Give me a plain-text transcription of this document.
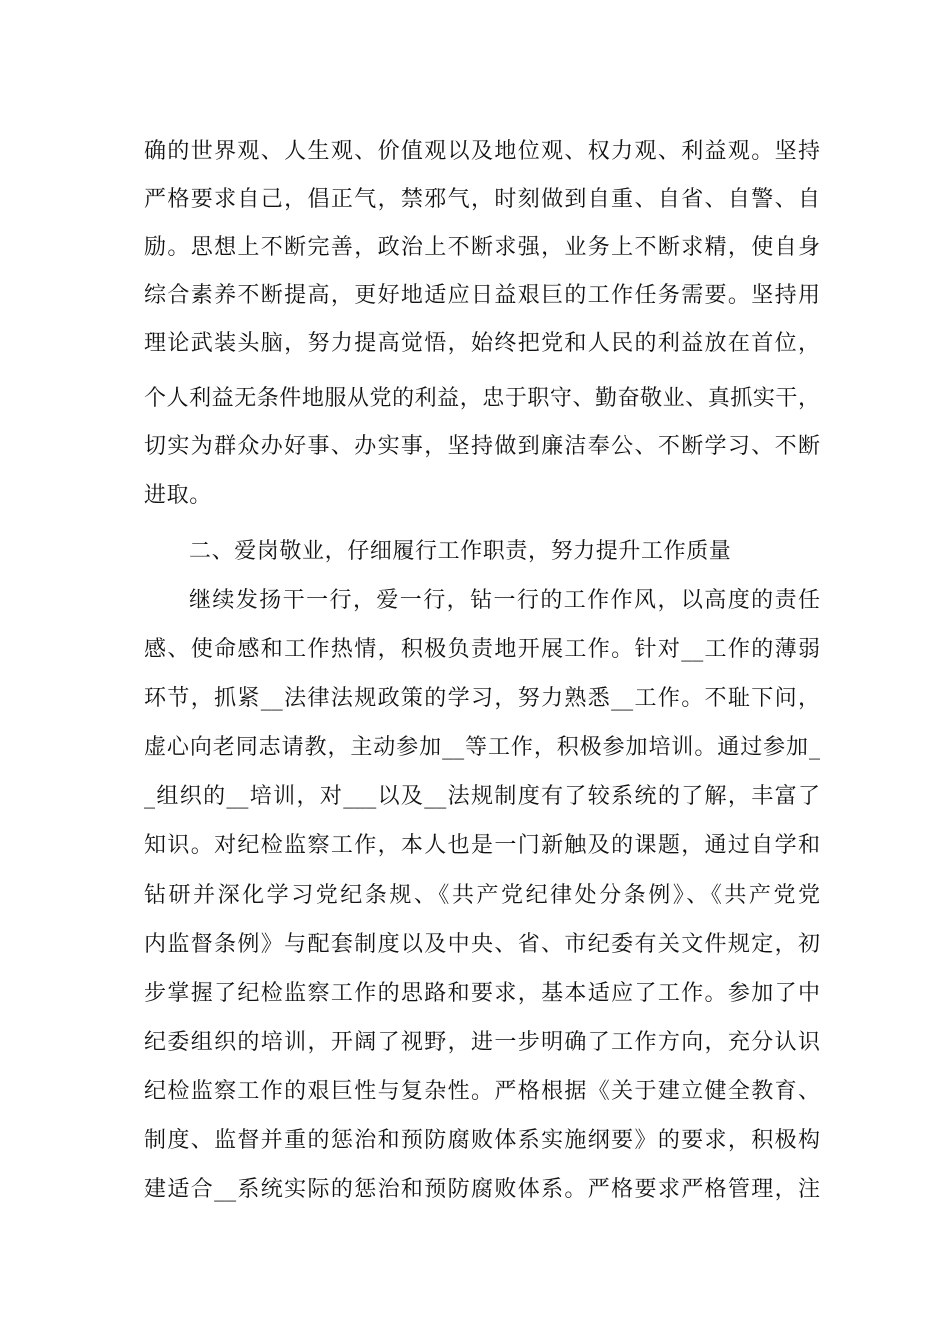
确的世界观、人生观、价值观以及地位观、权力观、利益观。坚持
严格要求自己，倡正气，禁邪气，时刻做到自重、自省、自警、自
励。思想上不断完善，政治上不断求强，业务上不断求精，使自身
综合素养不断提高，更好地适应日益艰巨的工作任务需要。坚持用
理论武装头脑，努力提高觉悟，始终把党和人民的利益放在首位，
个人利益无条件地服从党的利益，忠于职守、勤奋敬业、真抓实干，
切实为群众办好事、办实事，坚持做到廉洁奉公、不断学习、不断
进取。
二、爱岗敬业，仔细履行工作职责，努力提升工作质量
继续发扬干一行，爱一行，钻一行的工作作风，以高度的责任
感、使命感和工作热情，积极负责地开展工作。针对__工作的薄弱
环节，抓紧__法律法规政策的学习，努力熟悉__工作。不耻下问，
虚心向老同志请教，主动参加__等工作，积极参加培训。通过参加_
_组织的__培训，对___以及__法规制度有了较系统的了解，丰富了
知识。对纪检监察工作，本人也是一门新触及的课题，通过自学和
钻研并深化学习党纪条规、《共产党纪律处分条例》、《共产党党
内监督条例》与配套制度以及中央、省、市纪委有关文件规定，初
步掌握了纪检监察工作的思路和要求，基本适应了工作。参加了中
纪委组织的培训，开阔了视野，进一步明确了工作方向，充分认识
纪检监察工作的艰巨性与复杂性。严格根据《关于建立健全教育、
制度、监督并重的惩治和预防腐败体系实施纲要》的要求，积极构
建适合__系统实际的惩治和预防腐败体系。严格要求严格管理，注
